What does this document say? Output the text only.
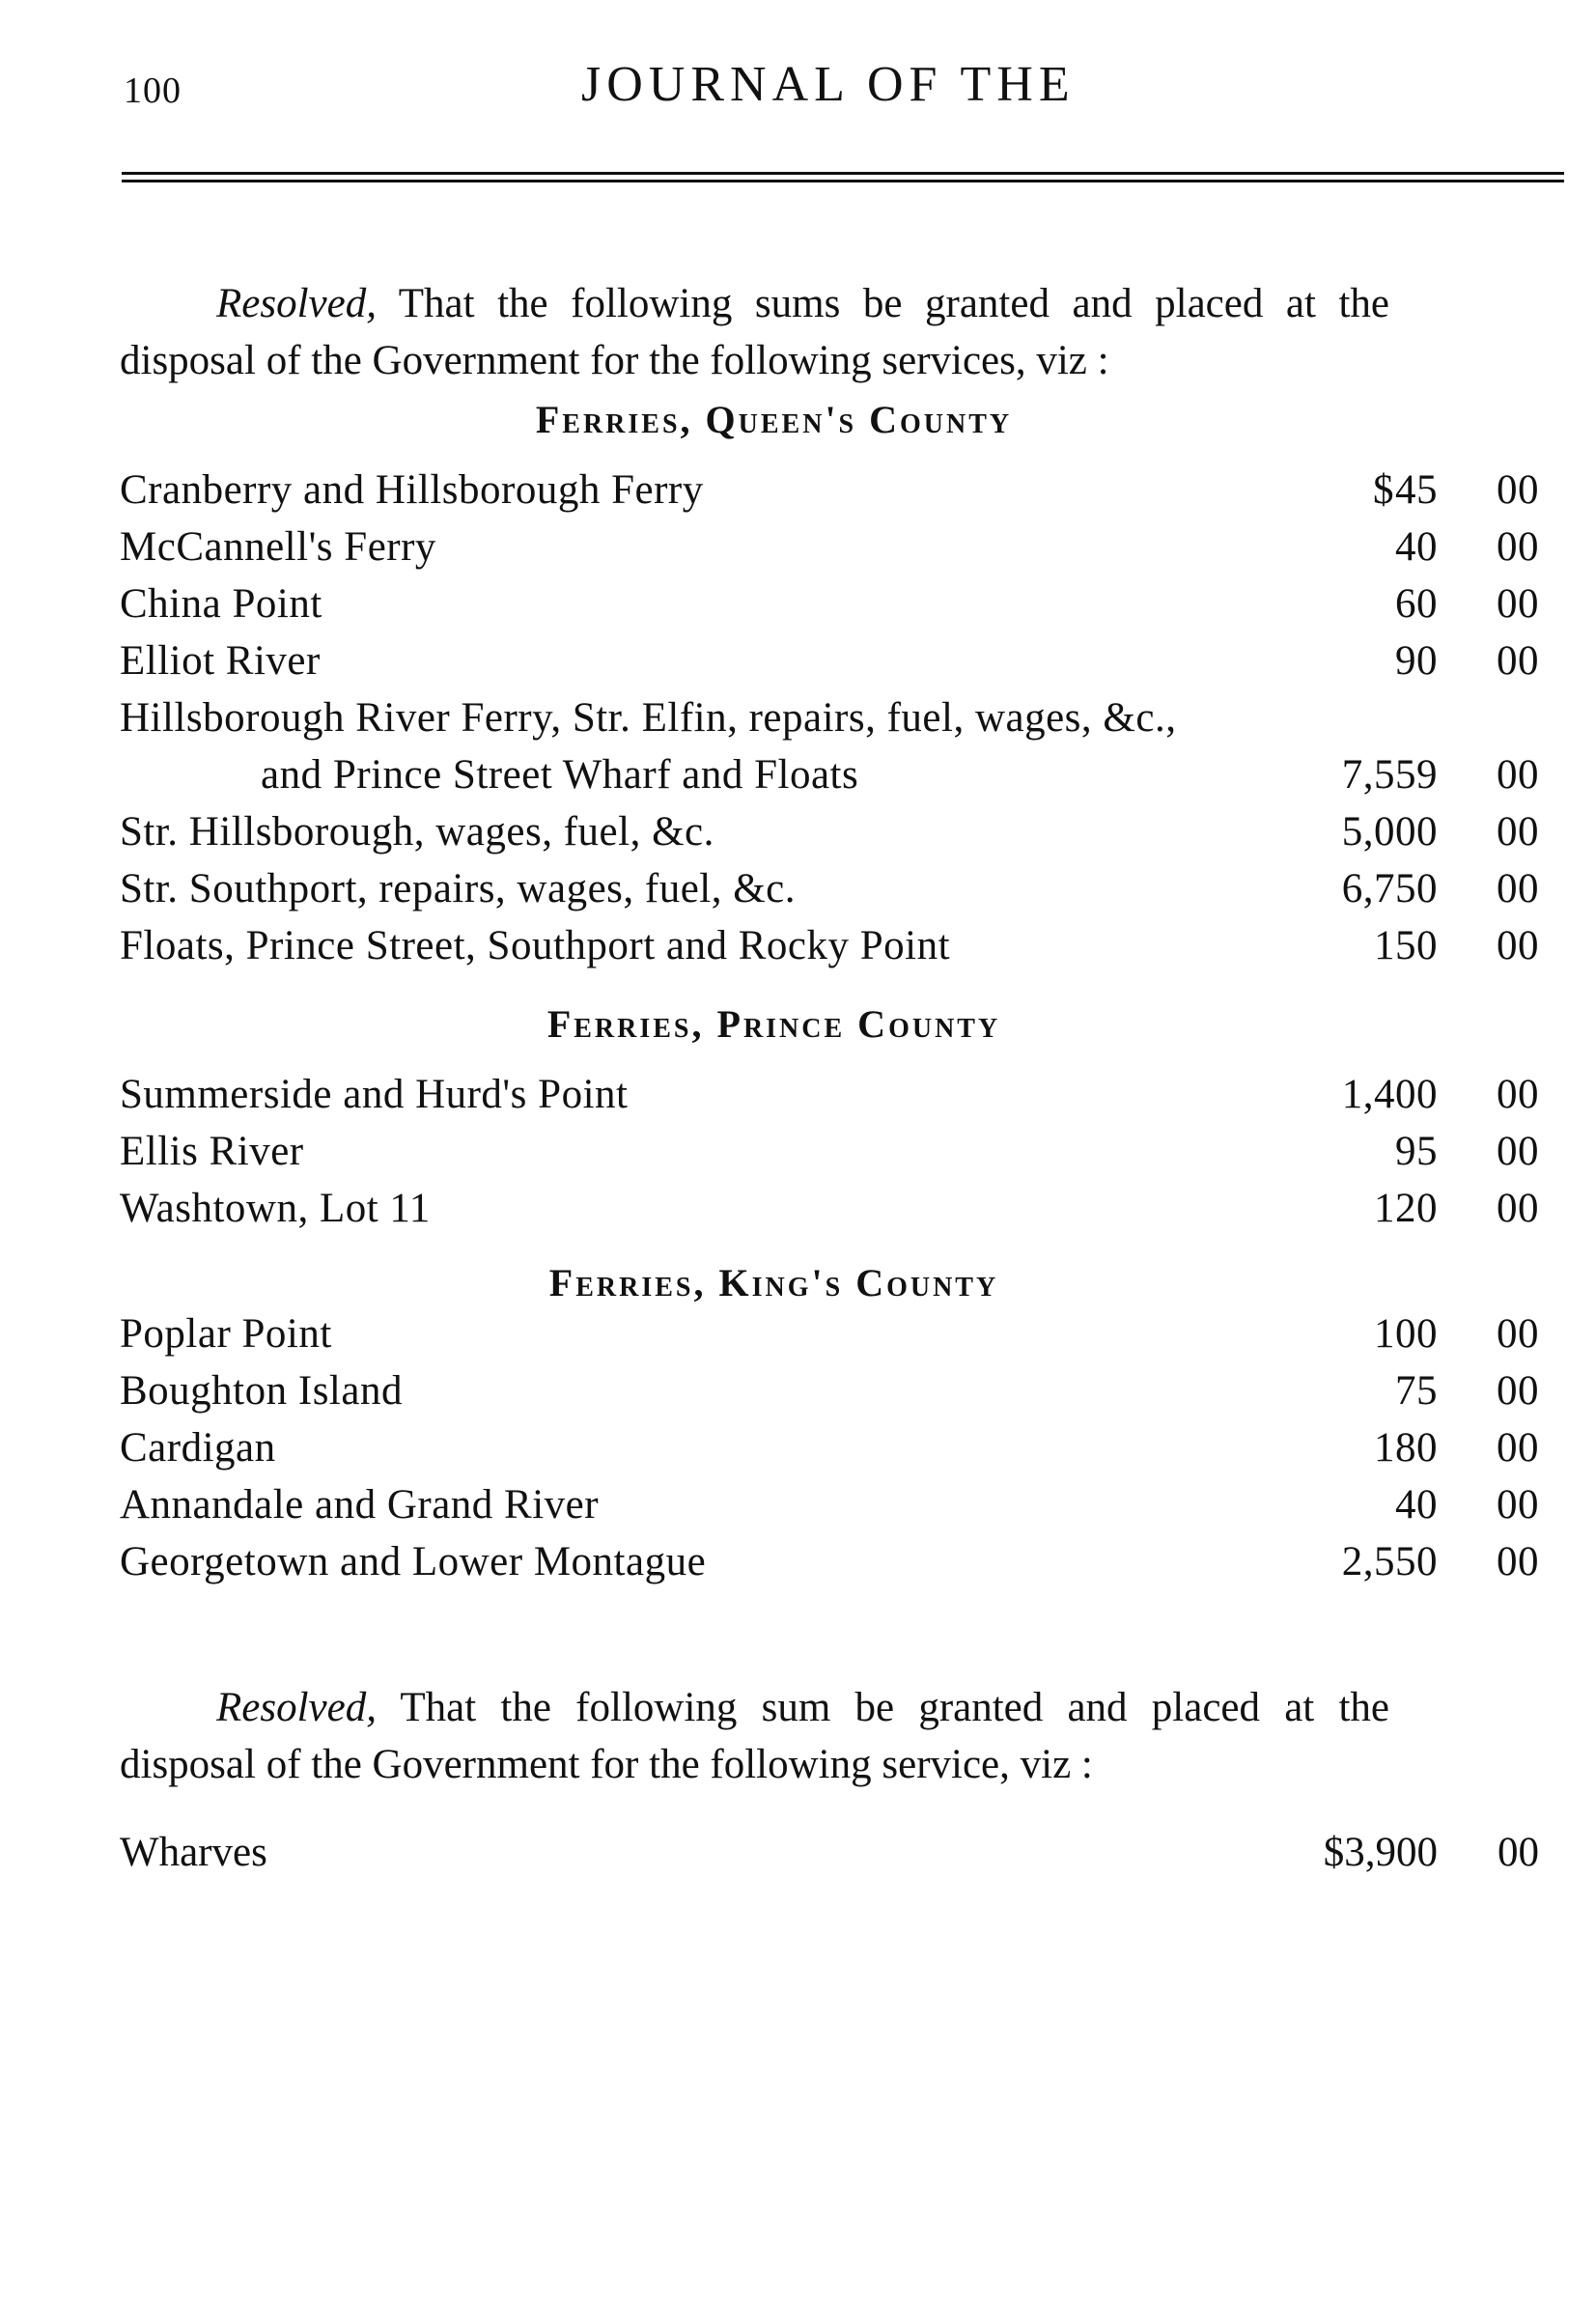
100	JOURNAL OF THE

Resolved, That the following sums be granted and placed at the disposal of the Government for the following services, viz :

Ferries, Queen's County
Cranberry and Hillsborough Ferry	$ 45	00
McCannell's Ferry	40	00
China Point	60	00
Elliot River	90	00
Hillsborough River Ferry, Str. Elfin, repairs, fuel, wages, &c.,
and Prince Street Wharf and Floats	7,559	00
Str. Hillsborough, wages, fuel, &c.	5,000	00
Str. Southport, repairs, wages, fuel, &c.	6,750	00
Floats, Prince Street, Southport and Rocky Point	150	00
Ferries, Prince County
Summerside and Hurd's Point	1,400	00
Ellis River	95	00
Washtown, Lot 11	120	00
Ferries, King's County
Poplar Point	100	00
Boughton Island	75	00
Cardigan	180	00
Annandale and Grand River	40	00
Georgetown and Lower Montague	2,550	00

Resolved, That the following sum be granted and placed at the disposal of the Government for the following service, viz :

Wharves	$3,900	00
